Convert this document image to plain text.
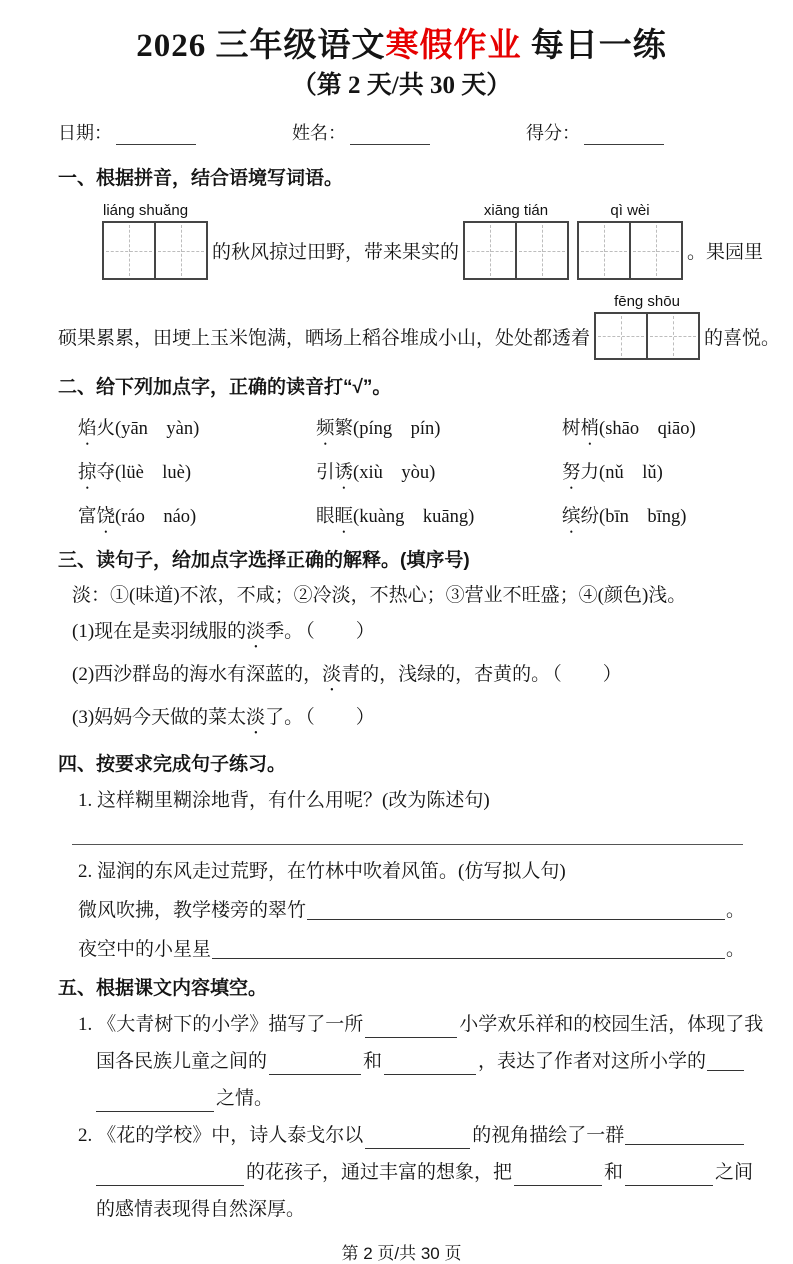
2026 三年级语文寒假作业 每日一练
（第 2 天/共 30 天）
日期：	姓名：	得分：
一、根据拼音，结合语境写词语。
liáng shuǎng
的秋风掠过田野，带来果实的
xiāng tián	qì wèi
。果园里
硕果累累，田埂上玉米饱满，晒场上稻谷堆成小山，处处都透着
fēng shōu
的喜悦。
二、给下列加点字，正确的读音打“√”。
焰火(yān　yàn)	频繁(píng　pín)	树梢(shāo　qiāo)
掠夺(lüè　luè)	引诱(xiù　yòu)	努力(nǔ　lǔ)
富饶(ráo　náo)	眼眶(kuàng　kuāng)	缤纷(bīn　bīng)
三、读句子，给加点字选择正确的解释。(填序号)
淡：①(味道)不浓，不咸；②冷淡，不热心；③营业不旺盛；④(颜色)浅。
(1)现在是卖羽绒服的淡季。 （　　）
(2)西沙群岛的海水有深蓝的，淡青的，浅绿的，杏黄的。 （　　）
(3)妈妈今天做的菜太淡了。 （　　）
四、按要求完成句子练习。
1. 这样糊里糊涂地背，有什么用呢？(改为陈述句)
2. 湿润的东风走过荒野，在竹林中吹着风笛。(仿写拟人句)
微风吹拂，教学楼旁的翠竹	。
夜空中的小星星	。
五、根据课文内容填空。
1. 《大青树下的小学》描写了一所	小学欢乐祥和的校园生活，体现了我
国各民族儿童之间的	和	，表达了作者对这所小学的
之情。
2. 《花的学校》中，诗人泰戈尔以	的视角描绘了一群
的花孩子，通过丰富的想象，把	和	之间
的感情表现得自然深厚。
第 2 页/共 30 页
